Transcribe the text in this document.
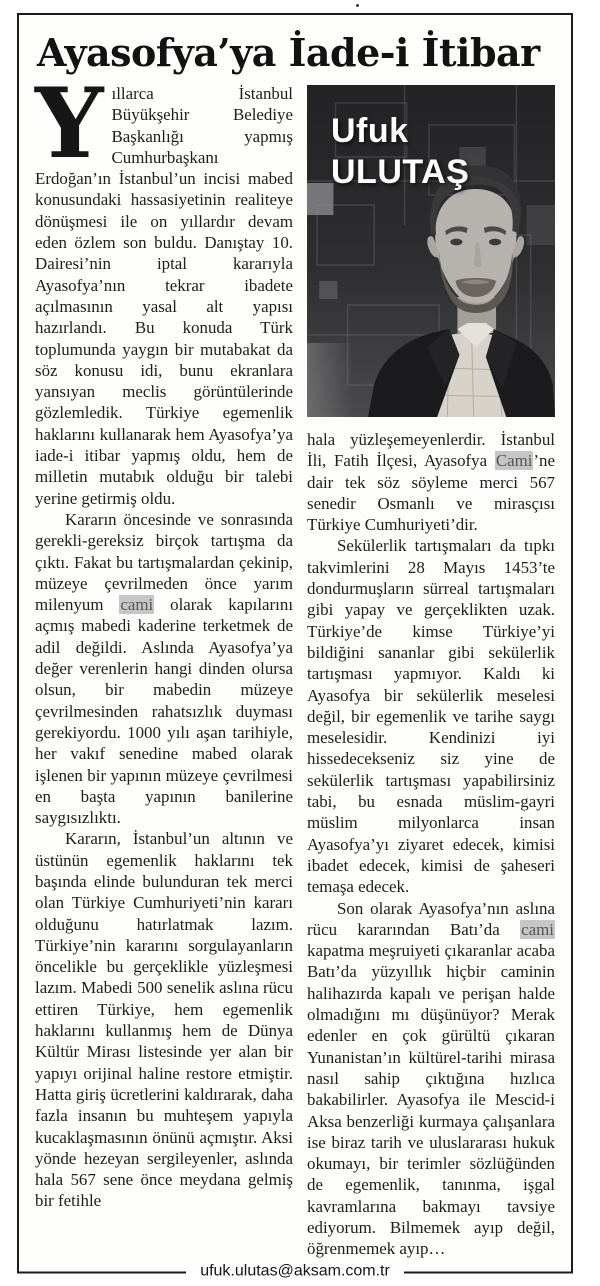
Ayasofya’ya İade-i İtibar

Yıllarca İstanbul Büyükşehir Belediye Başkanlığı yapmış Cumhurbaşkanı Erdoğan’ın İstanbul’un incisi mabed konusundaki hassasiyetinin realiteye dönüşmesi ile on yıllardır devam eden özlem son buldu. Danıştay 10. Dairesi’nin iptal kararıyla Ayasofya’nın tekrar ibadete açılmasının yasal alt yapısı hazırlandı. Bu konuda Türk toplumunda yaygın bir mutabakat da söz konusu idi, bunu ekranlara yansıyan meclis görüntülerinde gözlemledik. Türkiye egemenlik haklarını kullanarak hem Ayasofya’ya iade-i itibar yapmış oldu, hem de milletin mutabık olduğu bir talebi yerine getirmiş oldu.

Kararın öncesinde ve sonrasında gerekli-gereksiz birçok tartışma da çıktı. Fakat bu tartışmalardan çekinip, müzeye çevrilmeden önce yarım milenyum cami olarak kapılarını açmış mabedi kaderine terketmek de adil değildi. Aslında Ayasofya’ya değer verenlerin hangi dinden olursa olsun, bir mabedin müzeye çevrilmesinden rahatsızlık duyması gerekiyordu. 1000 yılı aşan tarihiyle, her vakıf senedine mabed olarak işlenen bir yapının müzeye çevrilmesi en başta yapının banilerine saygısızlıktı.

Kararın, İstanbul’un altının ve üstünün egemenlik haklarını tek başında elinde bulunduran tek merci olan Türkiye Cumhuriyeti’nin kararı olduğunu hatırlatmak lazım. Türkiye’nin kararını sorgulayanların öncelikle bu gerçeklikle yüzleşmesi lazım. Mabedi 500 senelik aslına rücu ettiren Türkiye, hem egemenlik haklarını kullanmış hem de Dünya Kültür Mirası listesinde yer alan bir yapıyı orijinal haline restore etmiştir. Hatta giriş ücretlerini kaldırarak, daha fazla insanın bu muhteşem yapıyla kucaklaşmasının önünü açmıştır. Aksi yönde hezeyan sergileyenler, aslında hala 567 sene önce meydana gelmiş bir fetihle

Ufuk
ULUTAŞ

hala yüzleşemeyenlerdir. İstanbul İli, Fatih İlçesi, Ayasofya Cami’ne dair tek söz söyleme merci 567 senedir Osmanlı ve mirasçısı Türkiye Cumhuriyeti’dir.

Sekülerlik tartışmaları da tıpkı takvimlerini 28 Mayıs 1453’te dondurmuşların sürreal tartışmaları gibi yapay ve gerçeklikten uzak. Türkiye’de kimse Türkiye’yi bildiğini sananlar gibi sekülerlik tartışması yapmıyor. Kaldı ki Ayasofya bir sekülerlik meselesi değil, bir egemenlik ve tarihe saygı meselesidir. Kendinizi iyi hissedecekseniz siz yine de sekülerlik tartışması yapabilirsiniz tabi, bu esnada müslim-gayri müslim milyonlarca insan Ayasofya’yı ziyaret edecek, kimisi ibadet edecek, kimisi de şaheseri temaşa edecek.

Son olarak Ayasofya’nın aslına rücu kararından Batı’da cami kapatma meşruiyeti çıkaranlar acaba Batı’da yüzyıllık hiçbir caminin halihazırda kapalı ve perişan halde olmadığını mı düşünüyor? Merak edenler en çok gürültü çıkaran Yunanistan’ın kültürel-tarihi mirasa nasıl sahip çıktığına hızlıca bakabilirler. Ayasofya ile Mescid-i Aksa benzerliği kurmaya çalışanlara ise biraz tarih ve uluslararası hukuk okumayı, bir terimler sözlüğünden de egemenlik, tanınma, işgal kavramlarına bakmayı tavsiye ediyorum. Bilmemek ayıp değil, öğrenmemek ayıp…

ufuk.ulutas@aksam.com.tr
